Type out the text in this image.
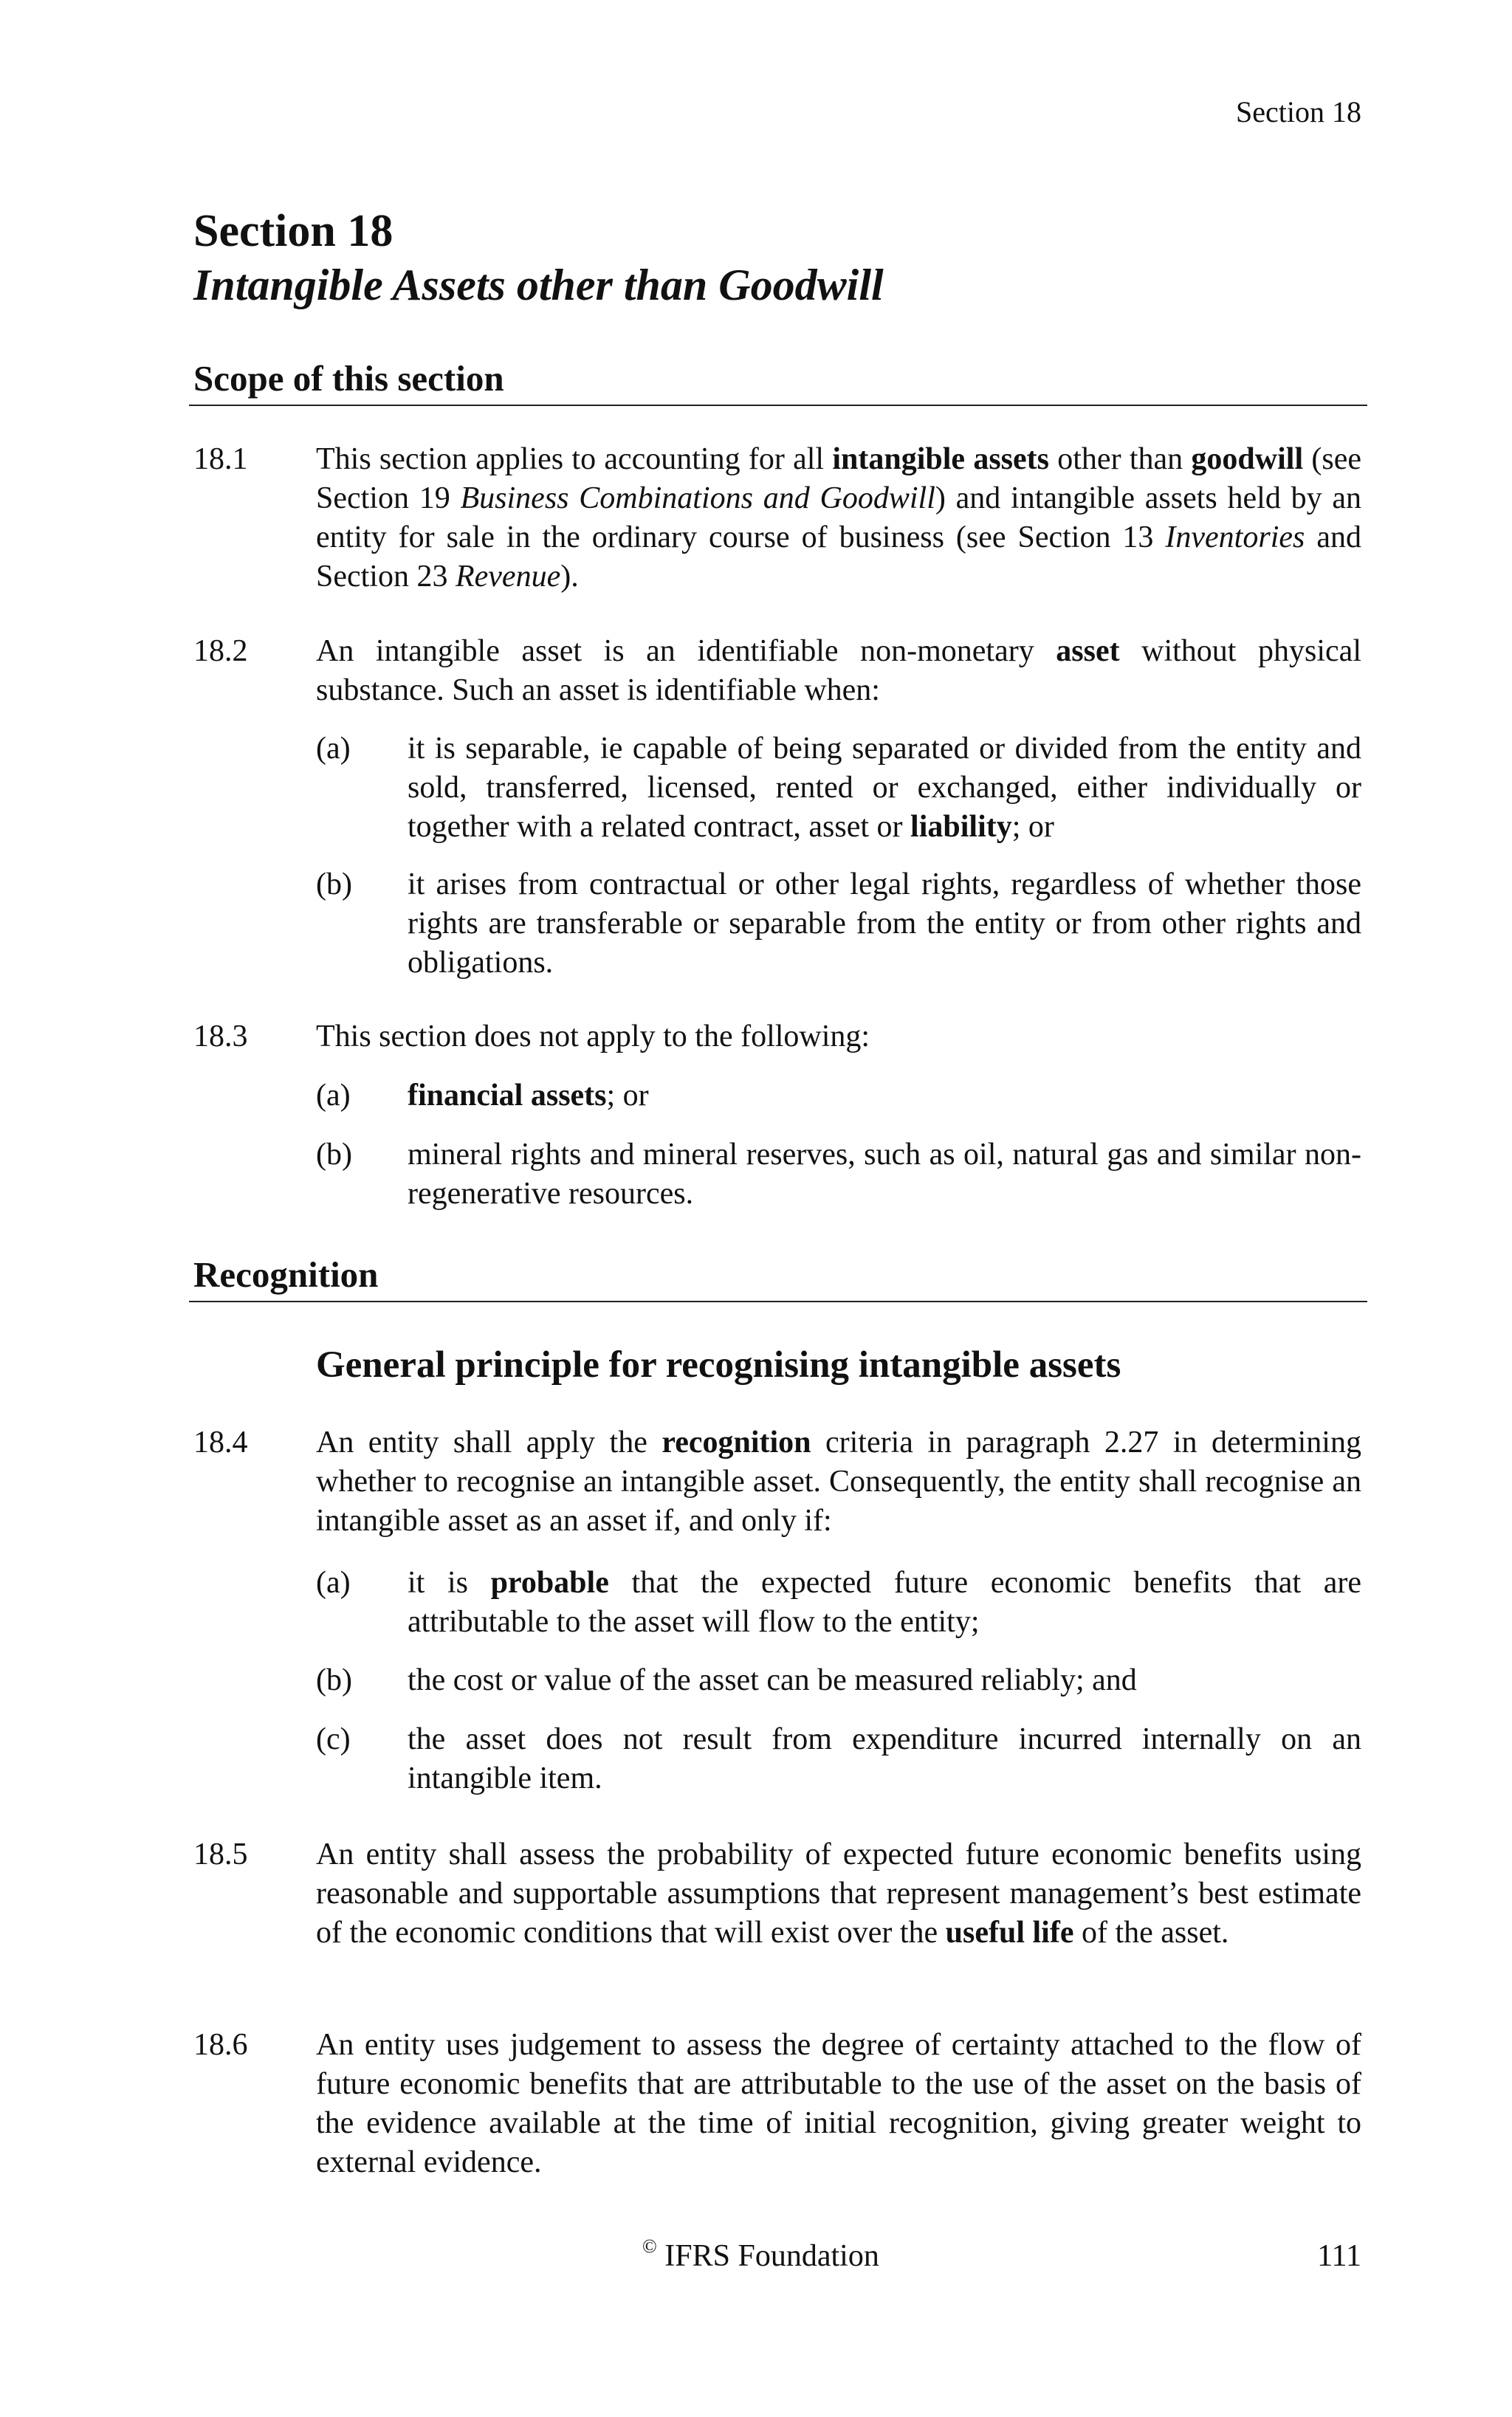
Section 18
Section 18
Intangible Assets other than Goodwill
Scope of this section
18.1 This section applies to accounting for all intangible assets other than goodwill (see Section 19 Business Combinations and Goodwill) and intangible assets held by an entity for sale in the ordinary course of business (see Section 13 Inventories and Section 23 Revenue).
18.2 An intangible asset is an identifiable non-monetary asset without physical substance. Such an asset is identifiable when:
(a) it is separable, ie capable of being separated or divided from the entity and sold, transferred, licensed, rented or exchanged, either individually or together with a related contract, asset or liability; or
(b) it arises from contractual or other legal rights, regardless of whether those rights are transferable or separable from the entity or from other rights and obligations.
18.3 This section does not apply to the following:
(a) financial assets; or
(b) mineral rights and mineral reserves, such as oil, natural gas and similar non-regenerative resources.
Recognition
General principle for recognising intangible assets
18.4 An entity shall apply the recognition criteria in paragraph 2.27 in determining whether to recognise an intangible asset. Consequently, the entity shall recognise an intangible asset as an asset if, and only if:
(a) it is probable that the expected future economic benefits that are attributable to the asset will flow to the entity;
(b) the cost or value of the asset can be measured reliably; and
(c) the asset does not result from expenditure incurred internally on an intangible item.
18.5 An entity shall assess the probability of expected future economic benefits using reasonable and supportable assumptions that represent management’s best estimate of the economic conditions that will exist over the useful life of the asset.
18.6 An entity uses judgement to assess the degree of certainty attached to the flow of future economic benefits that are attributable to the use of the asset on the basis of the evidence available at the time of initial recognition, giving greater weight to external evidence.
© IFRS Foundation	111
